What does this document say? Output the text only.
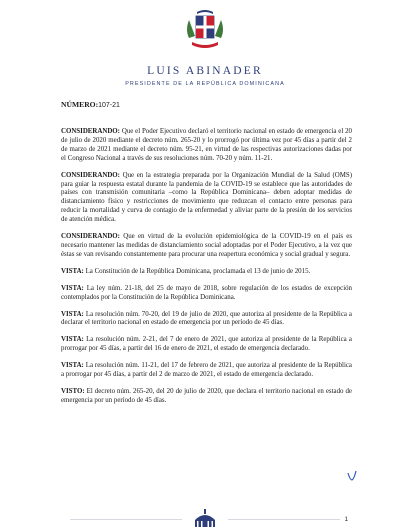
LUIS ABINADER
PRESIDENTE DE LA REPÚBLICA DOMINICANA
NÚMERO:107-21

CONSIDERANDO: Que el Poder Ejecutivo declaró el territorio nacional en estado de emergencia el 20 de julio de 2020 mediante el decreto núm. 265-20 y lo prorrogó por última vez por 45 días a partir del 2 de marzo de 2021 mediante el decreto núm. 95-21, en virtud de las respectivas autorizaciones dadas por el Congreso Nacional a través de sus resoluciones núm. 70-20 y núm. 11-21.

CONSIDERANDO: Que en la estrategia preparada por la Organización Mundial de la Salud (OMS) para guiar la respuesta estatal durante la pandemia de la COVID-19 se establece que las autoridades de países con transmisión comunitaria –como la República Dominicana– deben adoptar medidas de distanciamiento físico y restricciones de movimiento que reduzcan el contacto entre personas para reducir la mortalidad y curva de contagio de la enfermedad y aliviar parte de la presión de los servicios de atención médica.

CONSIDERANDO: Que en virtud de la evolución epidemiológica de la COVID-19 en el país es necesario mantener las medidas de distanciamiento social adoptadas por el Poder Ejecutivo, a la vez que éstas se van revisando constantemente para procurar una reapertura económica y social gradual y segura.

VISTA: La Constitución de la República Dominicana, proclamada el 13 de junio de 2015.

VISTA: La ley núm. 21-18, del 25 de mayo de 2018, sobre regulación de los estados de excepción contemplados por la Constitución de la República Dominicana.

VISTA: La resolución núm. 70-20, del 19 de julio de 2020, que autoriza al presidente de la República a declarar el territorio nacional en estado de emergencia por un período de 45 días.

VISTA: La resolución núm. 2-21, del 7 de enero de 2021, que autoriza al presidente de la República a prorrogar por 45 días, a partir del 16 de enero de 2021, el estado de emergencia declarado.

VISTA: La resolución núm. 11-21, del 17 de febrero de 2021, que autoriza al presidente de la República a prorrogar por 45 días, a partir del 2 de marzo de 2021, el estado de emergencia declarado.

VISTO: El decreto núm. 265-20, del 20 de julio de 2020, que declara el territorio nacional en estado de emergencia por un período de 45 días.

1
